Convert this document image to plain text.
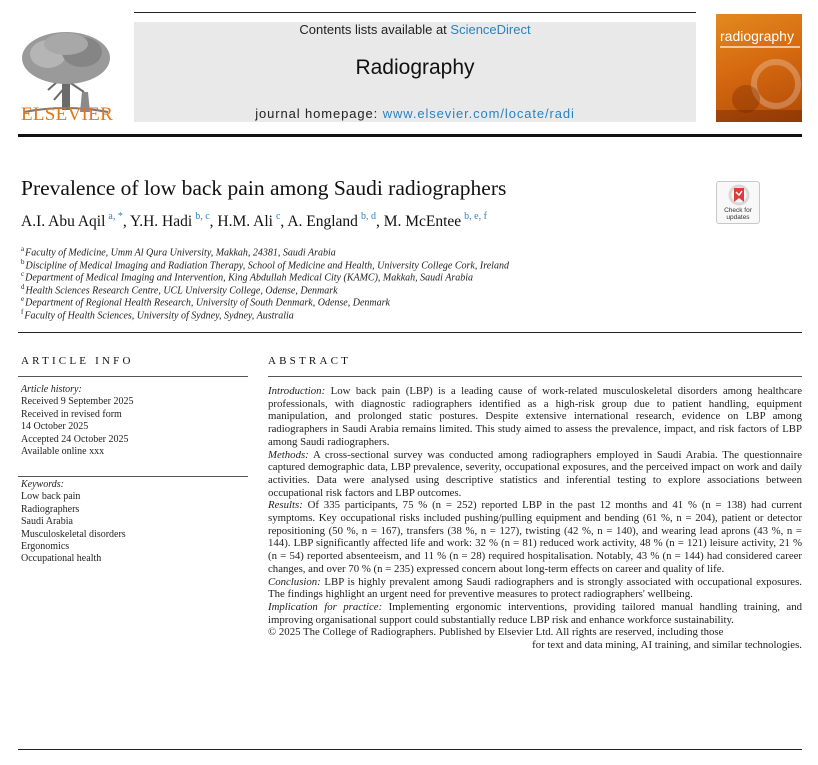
ELSEVIER
Contents lists available at ScienceDirect
Radiography
journal homepage: www.elsevier.com/locate/radi
radiography
Prevalence of low back pain among Saudi radiographers
Check for
updates
A.I. Abu Aqil $^{a, *}$, Y.H. Hadi $^{b, c}$, H.M. Ali $^c$, A. England $^{b, d}$, M. McEntee $^{b, e, f}$
$^a$Faculty of Medicine, Umm Al Qura University, Makkah, 24381, Saudi Arabia
$^b$Discipline of Medical Imaging and Radiation Therapy, School of Medicine and Health, University College Cork, Ireland
$^c$Department of Medical Imaging and Intervention, King Abdullah Medical City (KAMC), Makkah, Saudi Arabia
$^d$Health Sciences Research Centre, UCL University College, Odense, Denmark
$^e$Department of Regional Health Research, University of South Denmark, Odense, Denmark
$^f$Faculty of Health Sciences, University of Sydney, Sydney, Australia
ARTICLE INFO
Article history:
Received 9 September 2025
Received in revised form
14 October 2025
Accepted 24 October 2025
Available online xxx
Keywords:
Low back pain
Radiographers
Saudi Arabia
Musculoskeletal disorders
Ergonomics
Occupational health
ABSTRACT

Introduction: Low back pain (LBP) is a leading cause of work-related musculoskeletal disorders among healthcare professionals, with diagnostic radiographers identified as a high-risk group due to patient handling, equipment manipulation, and prolonged static postures. Despite extensive international research, evidence on LBP among radiographers in Saudi Arabia remains limited. This study aimed to assess the prevalence, impact, and risk factors of LBP among Saudi radiographers.

Methods: A cross-sectional survey was conducted among radiographers employed in Saudi Arabia. The questionnaire captured demographic data, LBP prevalence, severity, occupational exposures, and the perceived impact on work and daily activities. Data were analysed using descriptive statistics and inferential testing to explore associations between occupational risk factors and LBP outcomes.

Results: Of 335 participants, 75 % (n = 252) reported LBP in the past 12 months and 41 % (n = 138) had current symptoms. Key occupational risks included pushing/pulling equipment and bending (61 %, n = 204), patient or detector repositioning (50 %, n = 167), transfers (38 %, n = 127), twisting (42 %, n = 140), and wearing lead aprons (43 %, n = 144). LBP significantly affected life and work: 32 % (n = 81) reduced work activity, 48 % (n = 121) leisure activity, 21 % (n = 54) reported absenteeism, and 11 % (n = 28) required hospitalisation. Notably, 43 % (n = 144) had considered career changes, and over 70 % (n = 235) expressed concern about long-term effects on career and quality of life.

Conclusion: LBP is highly prevalent among Saudi radiographers and is strongly associated with occupational exposures. The findings highlight an urgent need for preventive measures to protect radiographers' wellbeing.

Implication for practice: Implementing ergonomic interventions, providing tailored manual handling training, and improving organisational support could substantially reduce LBP risk and enhance workforce sustainability.

© 2025 The College of Radiographers. Published by Elsevier Ltd. All rights are reserved, including those

for text and data mining, AI training, and similar technologies.
